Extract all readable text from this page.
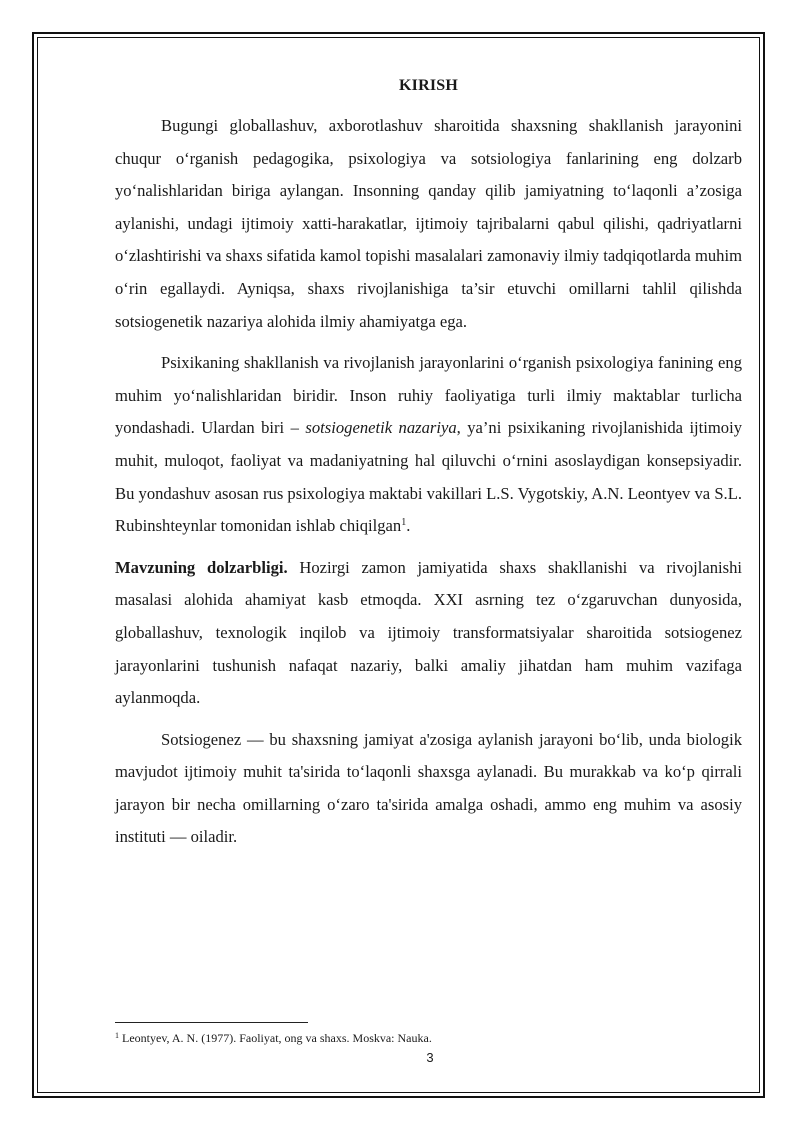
KIRISH

Bugungi globallashuv, axborotlashuv sharoitida shaxsning shakllanish jarayonini chuqur o‘rganish pedagogika, psixologiya va sotsiologiya fanlarining eng dolzarb yo‘nalishlaridan biriga aylangan. Insonning qanday qilib jamiyatning to‘laqonli a’zosiga aylanishi, undagi ijtimoiy xatti-harakatlar, ijtimoiy tajribalarni qabul qilishi, qadriyatlarni o‘zlashtirishi va shaxs sifatida kamol topishi masalalari zamonaviy ilmiy tadqiqotlarda muhim o‘rin egallaydi. Ayniqsa, shaxs rivojlanishiga ta’sir etuvchi omillarni tahlil qilishda sotsiogenetik nazariya alohida ilmiy ahamiyatga ega.

Psixikaning shakllanish va rivojlanish jarayonlarini o‘rganish psixologiya fanining eng muhim yo‘nalishlaridan biridir. Inson ruhiy faoliyatiga turli ilmiy maktablar turlicha yondashadi. Ulardan biri – sotsiogenetik nazariya, ya’ni psixikaning rivojlanishida ijtimoiy muhit, muloqot, faoliyat va madaniyatning hal qiluvchi o‘rnini asoslaydigan konsepsiyadir. Bu yondashuv asosan rus psixologiya maktabi vakillari L.S. Vygotskiy, A.N. Leontyev va S.L. Rubinshteynlar tomonidan ishlab chiqilgan$^1$.

Mavzuning dolzarbligi. Hozirgi zamon jamiyatida shaxs shakllanishi va rivojlanishi masalasi alohida ahamiyat kasb etmoqda. XXI asrning tez o‘zgaruvchan dunyosida, globallashuv, texnologik inqilob va ijtimoiy transformatsiyalar sharoitida sotsiogenez jarayonlarini tushunish nafaqat nazariy, balki amaliy jihatdan ham muhim vazifaga aylanmoqda.

Sotsiogenez — bu shaxsning jamiyat a'zosiga aylanish jarayoni bo‘lib, unda biologik mavjudot ijtimoiy muhit ta'sirida to‘laqonli shaxsga aylanadi. Bu murakkab va ko‘p qirrali jarayon bir necha omillarning o‘zaro ta'sirida amalga oshadi, ammo eng muhim va asosiy instituti — oiladir.

$^1$ Leontyev, A. N. (1977). Faoliyat, ong va shaxs. Moskva: Nauka.
3
